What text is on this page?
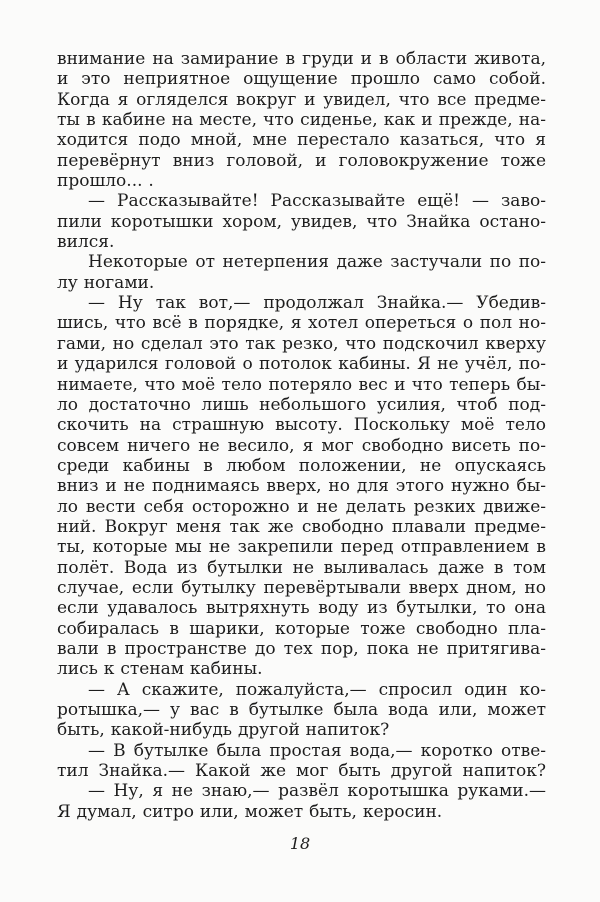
внимание на замирание в груди и в области живота,
и это неприятное ощущение прошло само собой.
Когда я огляделся вокруг и увидел, что все предме-
ты в кабине на месте, что сиденье, как и прежде, на-
ходится подо мной, мне перестало казаться, что я
перевёрнут вниз головой, и головокружение тоже
прошло... .
— Рассказывайте! Рассказывайте ещё! — заво-
пили коротышки хором, увидев, что Знайка остано-
вился.
Некоторые от нетерпения даже застучали по по-
лу ногами.
— Ну так вот,— продолжал Знайка.— Убедив-
шись, что всё в порядке, я хотел опереться о пол но-
гами, но сделал это так резко, что подскочил кверху
и ударился головой о потолок кабины. Я не учёл, по-
нимаете, что моё тело потеряло вес и что теперь бы-
ло достаточно лишь небольшого усилия, чтоб под-
скочить на страшную высоту. Поскольку моё тело
совсем ничего не весило, я мог свободно висеть по-
среди кабины в любом положении, не опускаясь
вниз и не поднимаясь вверх, но для этого нужно бы-
ло вести себя осторожно и не делать резких движе-
ний. Вокруг меня так же свободно плавали предме-
ты, которые мы не закрепили перед отправлением в
полёт. Вода из бутылки не выливалась даже в том
случае, если бутылку перевёртывали вверх дном, но
если удавалось вытряхнуть воду из бутылки, то она
собиралась в шарики, которые тоже свободно пла-
вали в пространстве до тех пор, пока не притягива-
лись к стенам кабины.
— А скажите, пожалуйста,— спросил один ко-
ротышка,— у вас в бутылке была вода или, может
быть, какой-нибудь другой напиток?
— В бутылке была простая вода,— коротко отве-
тил Знайка.— Какой же мог быть другой напиток?
— Ну, я не знаю,— развёл коротышка руками.—
Я думал, ситро или, может быть, керосин.
18
